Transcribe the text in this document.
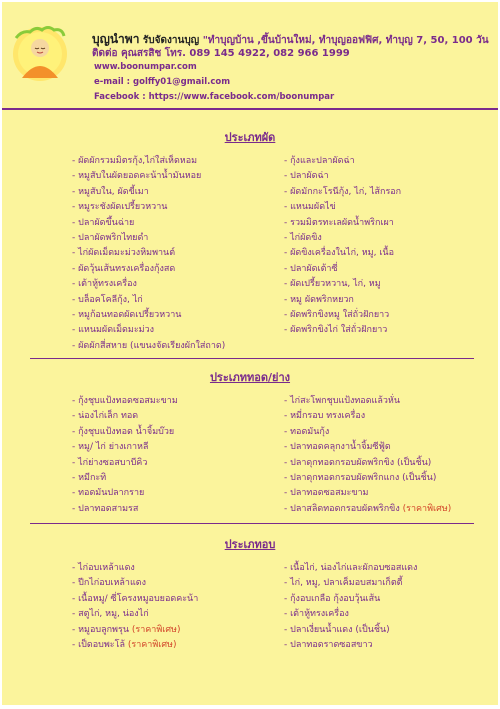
บุญนำพา รับจัดงานบุญ "ทำบุญบ้าน ,ขึ้นบ้านใหม่, ทำบุญออฟฟิศ, ทำบุญ 7, 50, 100 วัน
ติดต่อ คุณสรสิช โทร. 089 145 4922, 082 966 1999
www.boonumpar.com
e-mail : golffy01@gmail.com
Facebook : https://www.facebook.com/boonumpar
ประเภทผัด
- ผัดผักรวมมิตรกุ้ง,ไก่ใส่เห็ดหอม
- หมูสับในผัดยอดคะน้าน้ำมันหอย
- หมูสับใน, ผัดขี้เมา
- หมูระชังผัดเปรี้ยวหวาน
- ปลาผัดขึ้นฉ่าย
- ปลาผัดพริกไทยดำ
- ไก่ผัดเม็ดมะม่วงหิมพานต์
- ผัดวุ้นเส้นทรงเครื่องกุ้งสด
- เต้าหู้ทรงเครื่อง
- บล็อคโคลีกุ้ง, ไก่
- หมูก้อนทอดผัดเปรี้ยวหวาน
- แหนมผัดเม็ดมะม่วง
- ผัดผักสี่สหาย (แขนงจัดเรียงผักใส่ถาด)
- กุ้งและปลาผัดฉ่า
- ปลาผัดฉ่า
- ผัดมักกะโรนีกุ้ง, ไก่, ไส้กรอก
- แหนมผัดไข่
- รวมมิตรทะเลผัดน้ำพริกเผา
- ไก่ผัดขิง
- ผัดขิงเครื่องในไก่, หมู, เนื้อ
- ปลาผัดเต้าซี่
- ผัดเปรี้ยวหวาน, ไก่, หมู
- หมู ผัดพริกหยวก
- ผัดพริกขิงหมู ใส่ถั่วฝักยาว
- ผัดพริกขิงไก่ ใส่ถั่วฝักยาว
ประเภททอด/ย่าง
- กุ้งชุบแป้งทอดซอสมะขาม
- น่องไก่เล็ก ทอด
- กุ้งชุบแป้งทอด น้ำจิ้มบ๊วย
- หมู/ ไก่ ย่างเกาหลี
- ไก่ย่างซอสบาบีคิว
- หมีกะทิ
- ทอดมันปลากราย
- ปลาทอดสามรส
- ไก่สะโพกชุบแป้งทอดแล้วหั่น
- หมี่กรอบ ทรงเครื่อง
- ทอดมันกุ้ง
- ปลาทอดคลุกงาน้ำจิ้มซีฟู้ด
- ปลาดุกทอดกรอบผัดพริกขิง (เป็นชิ้น)
- ปลาดุกทอดกรอบผัดพริกแกง (เป็นชิ้น)
- ปลาทอดซอสมะขาม
- ปลาสลิดทอดกรอบผัดพริกขิง (ราคาพิเศษ)
ประเภทอบ
- ไก่อบเหล้าแดง
- ปีกไก่อบเหล้าแดง
- เนื้อหมู/ ซี่โครงหมูอบยอดคะน้า
- สตูไก่, หมู, น่องไก่
- หมูอบลูกพรุน (ราคาพิเศษ)
- เป็ดอบพะโล้ (ราคาพิเศษ)
- เนื้อไก่, น่องไก่และผักอบซอสแดง
- ไก่, หมู, ปลาเค็มอบสมาเก็ตตี้
- กุ้งอบเกลือ กุ้งอบวุ้นเส้น
- เต้าหู้ทรงเครื่อง
- ปลาเงี่ยนน้ำแดง (เป็นชิ้น)
- ปลาทอดราดซอสขาว
